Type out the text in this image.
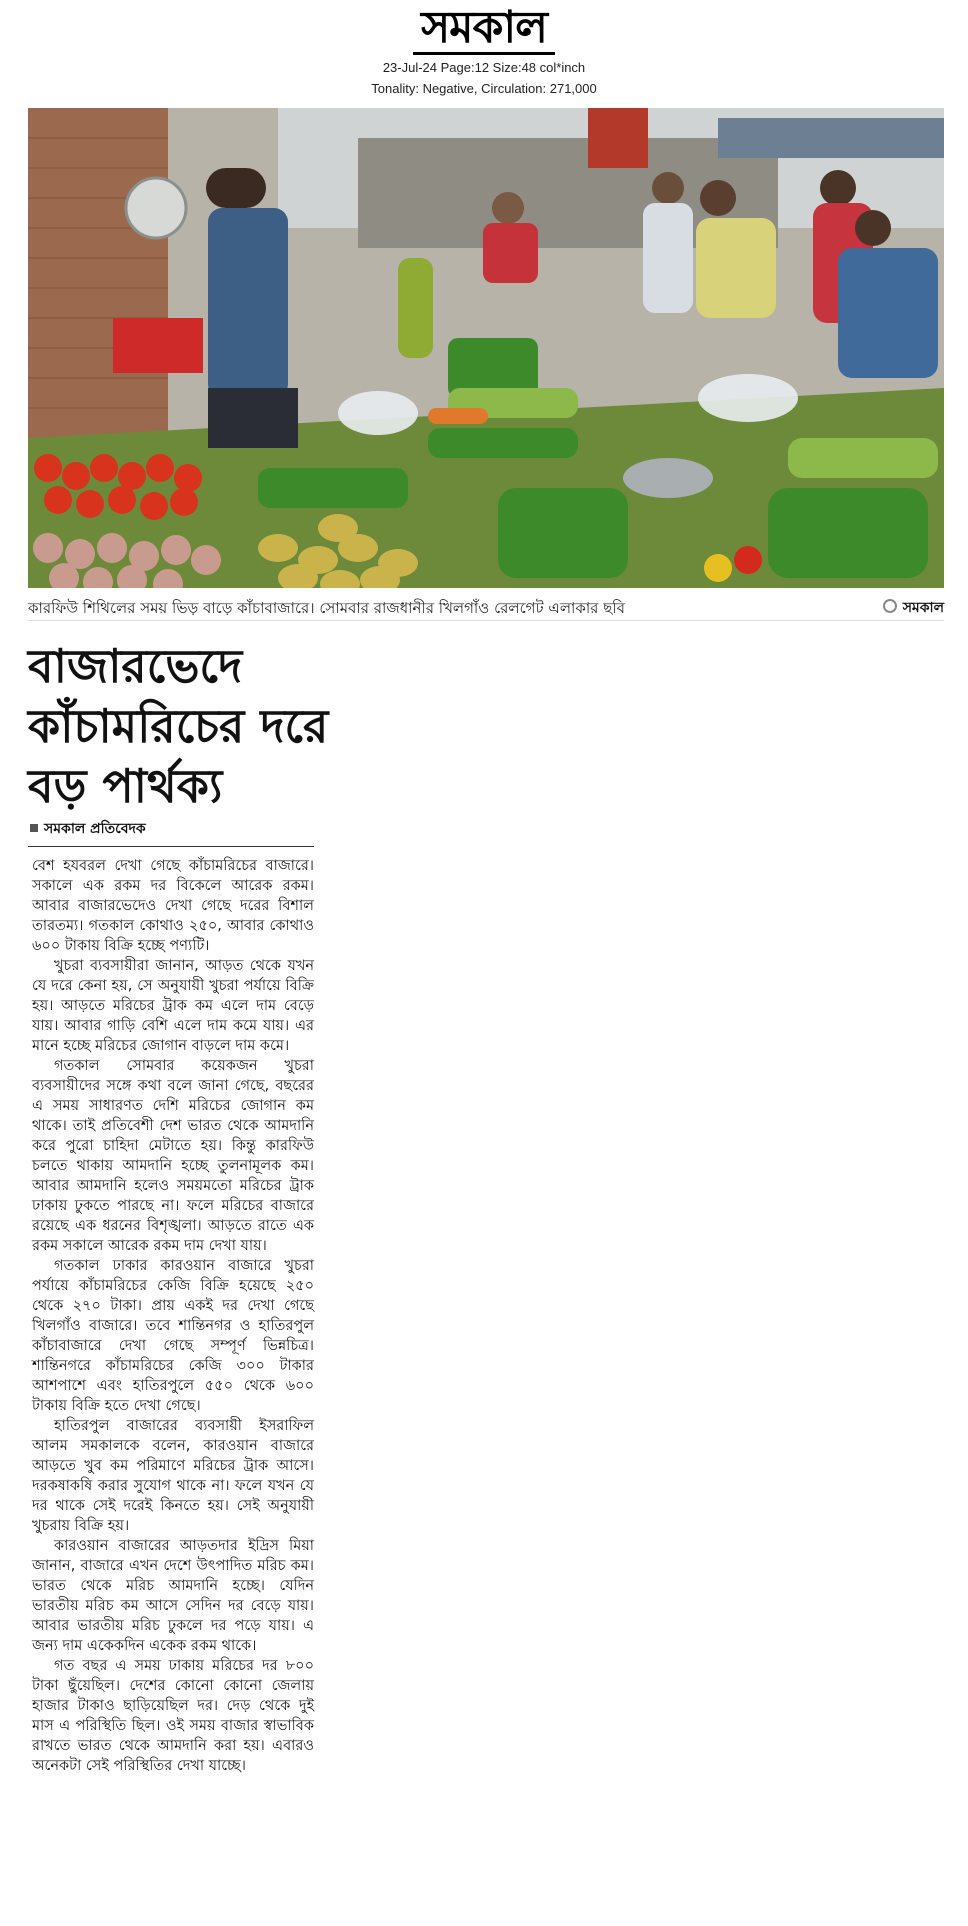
সমকাল
23-Jul-24 Page:12 Size:48 col*inch
Tonality: Negative, Circulation: 271,000
কারফিউ শিথিলের সময় ভিড় বাড়ে কাঁচাবাজারে। সোমবার রাজধানীর খিলগাঁও রেলগেট এলাকার ছবি	সমকাল
বাজারভেদে
কাঁচামরিচের দরে
বড় পার্থক্য
সমকাল প্রতিবেদক

বেশ হযবরল দেখা গেছে কাঁচামরিচের বাজারে। সকালে এক রকম দর বিকেলে আরেক রকম। আবার বাজারভেদেও দেখা গেছে দরের বিশাল তারতম্য। গতকাল কোথাও ২৫০, আবার কোথাও ৬০০ টাকায় বিক্রি হচ্ছে পণ্যটি।

খুচরা ব্যবসায়ীরা জানান, আড়ত থেকে যখন যে দরে কেনা হয়, সে অনুযায়ী খুচরা পর্যায়ে বিক্রি হয়। আড়তে মরিচের ট্রাক কম এলে দাম বেড়ে যায়। আবার গাড়ি বেশি এলে দাম কমে যায়। এর মানে হচ্ছে মরিচের জোগান বাড়লে দাম কমে।

গতকাল সোমবার কয়েকজন খুচরা ব্যবসায়ীদের সঙ্গে কথা বলে জানা গেছে, বছরের এ সময় সাধারণত দেশি মরিচের জোগান কম থাকে। তাই প্রতিবেশী দেশ ভারত থেকে আমদানি করে পুরো চাহিদা মেটাতে হয়। কিন্তু কারফিউ চলতে থাকায় আমদানি হচ্ছে তুলনামূলক কম। আবার আমদানি হলেও সময়মতো মরিচের ট্রাক ঢাকায় ঢুকতে পারছে না। ফলে মরিচের বাজারে রয়েছে এক ধরনের বিশৃঙ্খলা। আড়তে রাতে এক রকম সকালে আরেক রকম দাম দেখা যায়।

গতকাল ঢাকার কারওয়ান বাজারে খুচরা পর্যায়ে কাঁচামরিচের কেজি বিক্রি হয়েছে ২৫০ থেকে ২৭০ টাকা। প্রায় একই দর দেখা গেছে খিলগাঁও বাজারে। তবে শান্তিনগর ও হাতিরপুল কাঁচাবাজারে দেখা গেছে সম্পূর্ণ ভিন্নচিত্র। শান্তিনগরে কাঁচামরিচের কেজি ৩০০ টাকার আশপাশে এবং হাতিরপুলে ৫৫০ থেকে ৬০০ টাকায় বিক্রি হতে দেখা গেছে।

হাতিরপুল বাজারের ব্যবসায়ী ইসরাফিল আলম সমকালকে বলেন, কারওয়ান বাজারে আড়তে খুব কম পরিমাণে মরিচের ট্রাক আসে। দরকষাকষি করার সুযোগ থাকে না। ফলে যখন যে দর থাকে সেই দরেই কিনতে হয়। সেই অনুযায়ী খুচরায় বিক্রি হয়।

কারওয়ান বাজারের আড়তদার ইদ্রিস মিয়া জানান, বাজারে এখন দেশে উৎপাদিত মরিচ কম। ভারত থেকে মরিচ আমদানি হচ্ছে। যেদিন ভারতীয় মরিচ কম আসে সেদিন দর বেড়ে যায়। আবার ভারতীয় মরিচ ঢুকলে দর পড়ে যায়। এ জন্য দাম একেকদিন একেক রকম থাকে।

গত বছর এ সময় ঢাকায় মরিচের দর ৮০০ টাকা ছুঁয়েছিল। দেশের কোনো কোনো জেলায় হাজার টাকাও ছাড়িয়েছিল দর। দেড় থেকে দুই মাস এ পরিস্থিতি ছিল। ওই সময় বাজার স্বাভাবিক রাখতে ভারত থেকে আমদানি করা হয়। এবারও অনেকটা সেই পরিস্থিতির দেখা যাচ্ছে।
